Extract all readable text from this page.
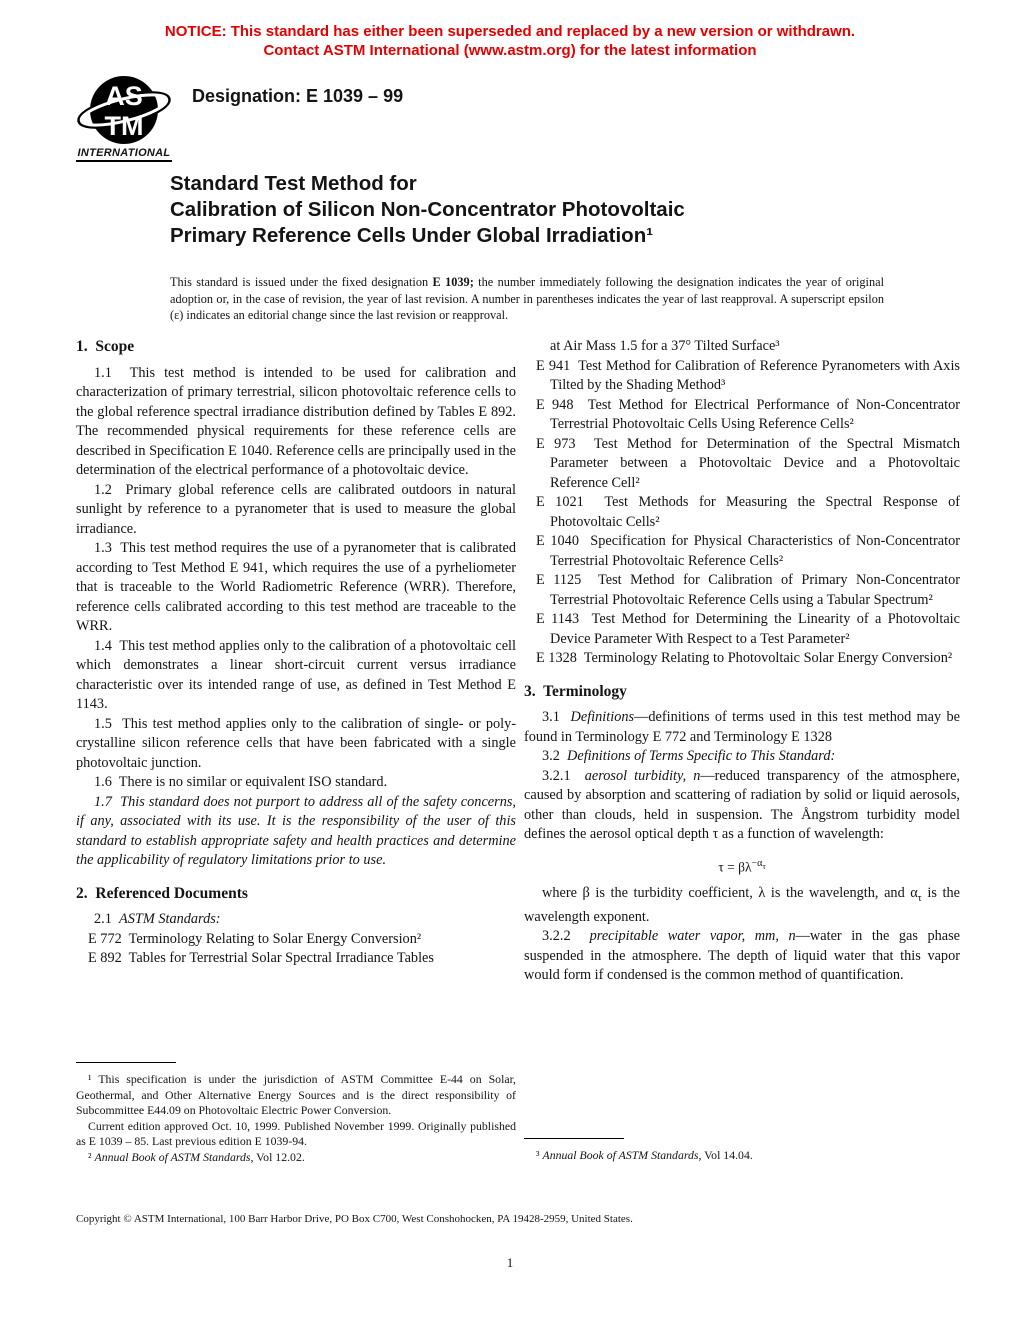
NOTICE: This standard has either been superseded and replaced by a new version or withdrawn.
Contact ASTM International (www.astm.org) for the latest information
AS
TM
INTERNATIONAL
Designation: E 1039 – 99
Standard Test Method for
Calibration of Silicon Non-Concentrator Photovoltaic
Primary Reference Cells Under Global Irradiation¹

This standard is issued under the fixed designation E 1039; the number immediately following the designation indicates the year of original adoption or, in the case of revision, the year of last revision. A number in parentheses indicates the year of last reapproval. A superscript epsilon (ε) indicates an editorial change since the last revision or reapproval.

1.  Scope

1.1  This test method is intended to be used for calibration and characterization of primary terrestrial, silicon photovoltaic reference cells to the global reference spectral irradiance distribution defined by Tables E 892. The recommended physical requirements for these reference cells are described in Specification E 1040. Reference cells are principally used in the determination of the electrical performance of a photovoltaic device.

1.2  Primary global reference cells are calibrated outdoors in natural sunlight by reference to a pyranometer that is used to measure the global irradiance.

1.3  This test method requires the use of a pyranometer that is calibrated according to Test Method E 941, which requires the use of a pyrheliometer that is traceable to the World Radiometric Reference (WRR). Therefore, reference cells calibrated according to this test method are traceable to the WRR.

1.4  This test method applies only to the calibration of a photovoltaic cell which demonstrates a linear short-circuit current versus irradiance characteristic over its intended range of use, as defined in Test Method E 1143.

1.5  This test method applies only to the calibration of single- or poly-crystalline silicon reference cells that have been fabricated with a single photovoltaic junction.

1.6  There is no similar or equivalent ISO standard.

1.7  This standard does not purport to address all of the safety concerns, if any, associated with its use. It is the responsibility of the user of this standard to establish appropriate safety and health practices and determine the applicability of regulatory limitations prior to use.

2.  Referenced Documents

2.1  ASTM Standards:

E 772  Terminology Relating to Solar Energy Conversion²
E 892  Tables for Terrestrial Solar Spectral Irradiance Tables
at Air Mass 1.5 for a 37° Tilted Surface³
E 941  Test Method for Calibration of Reference Pyranometers with Axis Tilted by the Shading Method³
E 948  Test Method for Electrical Performance of Non-Concentrator Terrestrial Photovoltaic Cells Using Reference Cells²
E 973  Test Method for Determination of the Spectral Mismatch Parameter between a Photovoltaic Device and a Photovoltaic Reference Cell²
E 1021  Test Methods for Measuring the Spectral Response of Photovoltaic Cells²
E 1040  Specification for Physical Characteristics of Non-Concentrator Terrestrial Photovoltaic Reference Cells²
E 1125  Test Method for Calibration of Primary Non-Concentrator Terrestrial Photovoltaic Reference Cells using a Tabular Spectrum²
E 1143  Test Method for Determining the Linearity of a Photovoltaic Device Parameter With Respect to a Test Parameter²
E 1328  Terminology Relating to Photovoltaic Solar Energy Conversion²
3.  Terminology

3.1  Definitions—definitions of terms used in this test method may be found in Terminology E 772 and Terminology E 1328

3.2  Definitions of Terms Specific to This Standard:

3.2.1  aerosol turbidity, n—reduced transparency of the atmosphere, caused by absorption and scattering of radiation by solid or liquid aerosols, other than clouds, held in suspension. The Ångstrom turbidity model defines the aerosol optical depth τ as a function of wavelength:

$\tau = \beta\lambda^{-\alpha_\tau}$

where β is the turbidity coefficient, λ is the wavelength, and $\alpha_\tau$ is the wavelength exponent.

3.2.2  precipitable water vapor, mm, n—water in the gas phase suspended in the atmosphere. The depth of liquid water that this vapor would form if condensed is the common method of quantification.

¹ This specification is under the jurisdiction of ASTM Committee E-44 on Solar, Geothermal, and Other Alternative Energy Sources and is the direct responsibility of Subcommittee E44.09 on Photovoltaic Electric Power Conversion.

Current edition approved Oct. 10, 1999. Published November 1999. Originally published as E 1039 – 85. Last previous edition E 1039-94.

² Annual Book of ASTM Standards, Vol 12.02.	³ Annual Book of ASTM Standards, Vol 14.04.

Copyright © ASTM International, 100 Barr Harbor Drive, PO Box C700, West Conshohocken, PA 19428-2959, United States.
1
